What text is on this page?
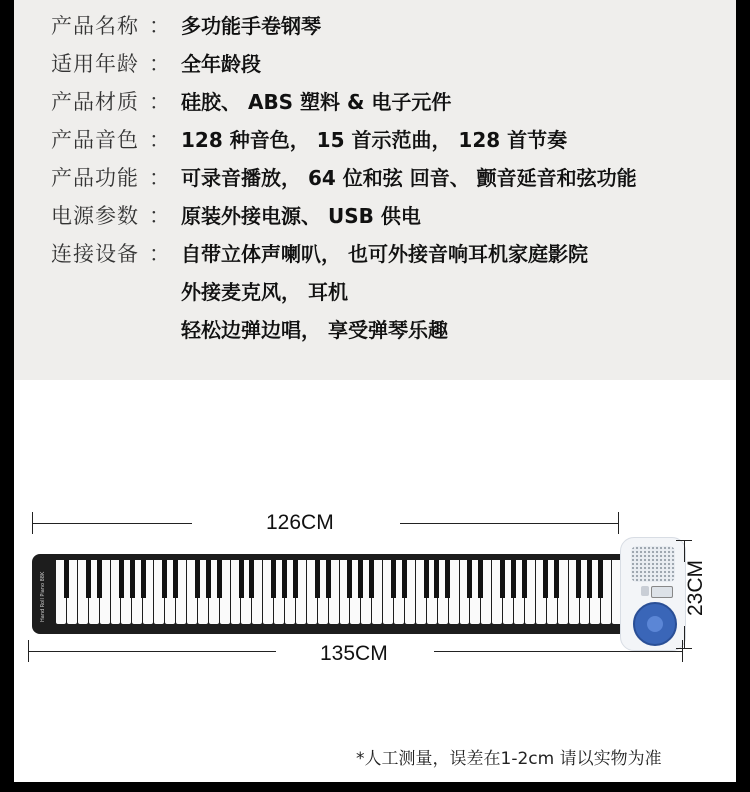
产品名称 ： 多功能手卷钢琴
适用年龄 ： 全年龄段
产品材质 ： 硅胶、 ABS 塑料 & 电子元件
产品音色 ： 128 种音色， 15 首示范曲， 128 首节奏
产品功能 ： 可录音播放， 64 位和弦 回音、 颤音延音和弦功能
电源参数 ： 原装外接电源、 USB 供电
连接设备 ： 自带立体声喇叭， 也可外接音响耳机家庭影院
外接麦克风， 耳机
轻松边弹边唱， 享受弹琴乐趣
126CM
Hand Roll Piano 88K	23CM
135CM
*人工测量，误差在1-2cm 请以实物为准
